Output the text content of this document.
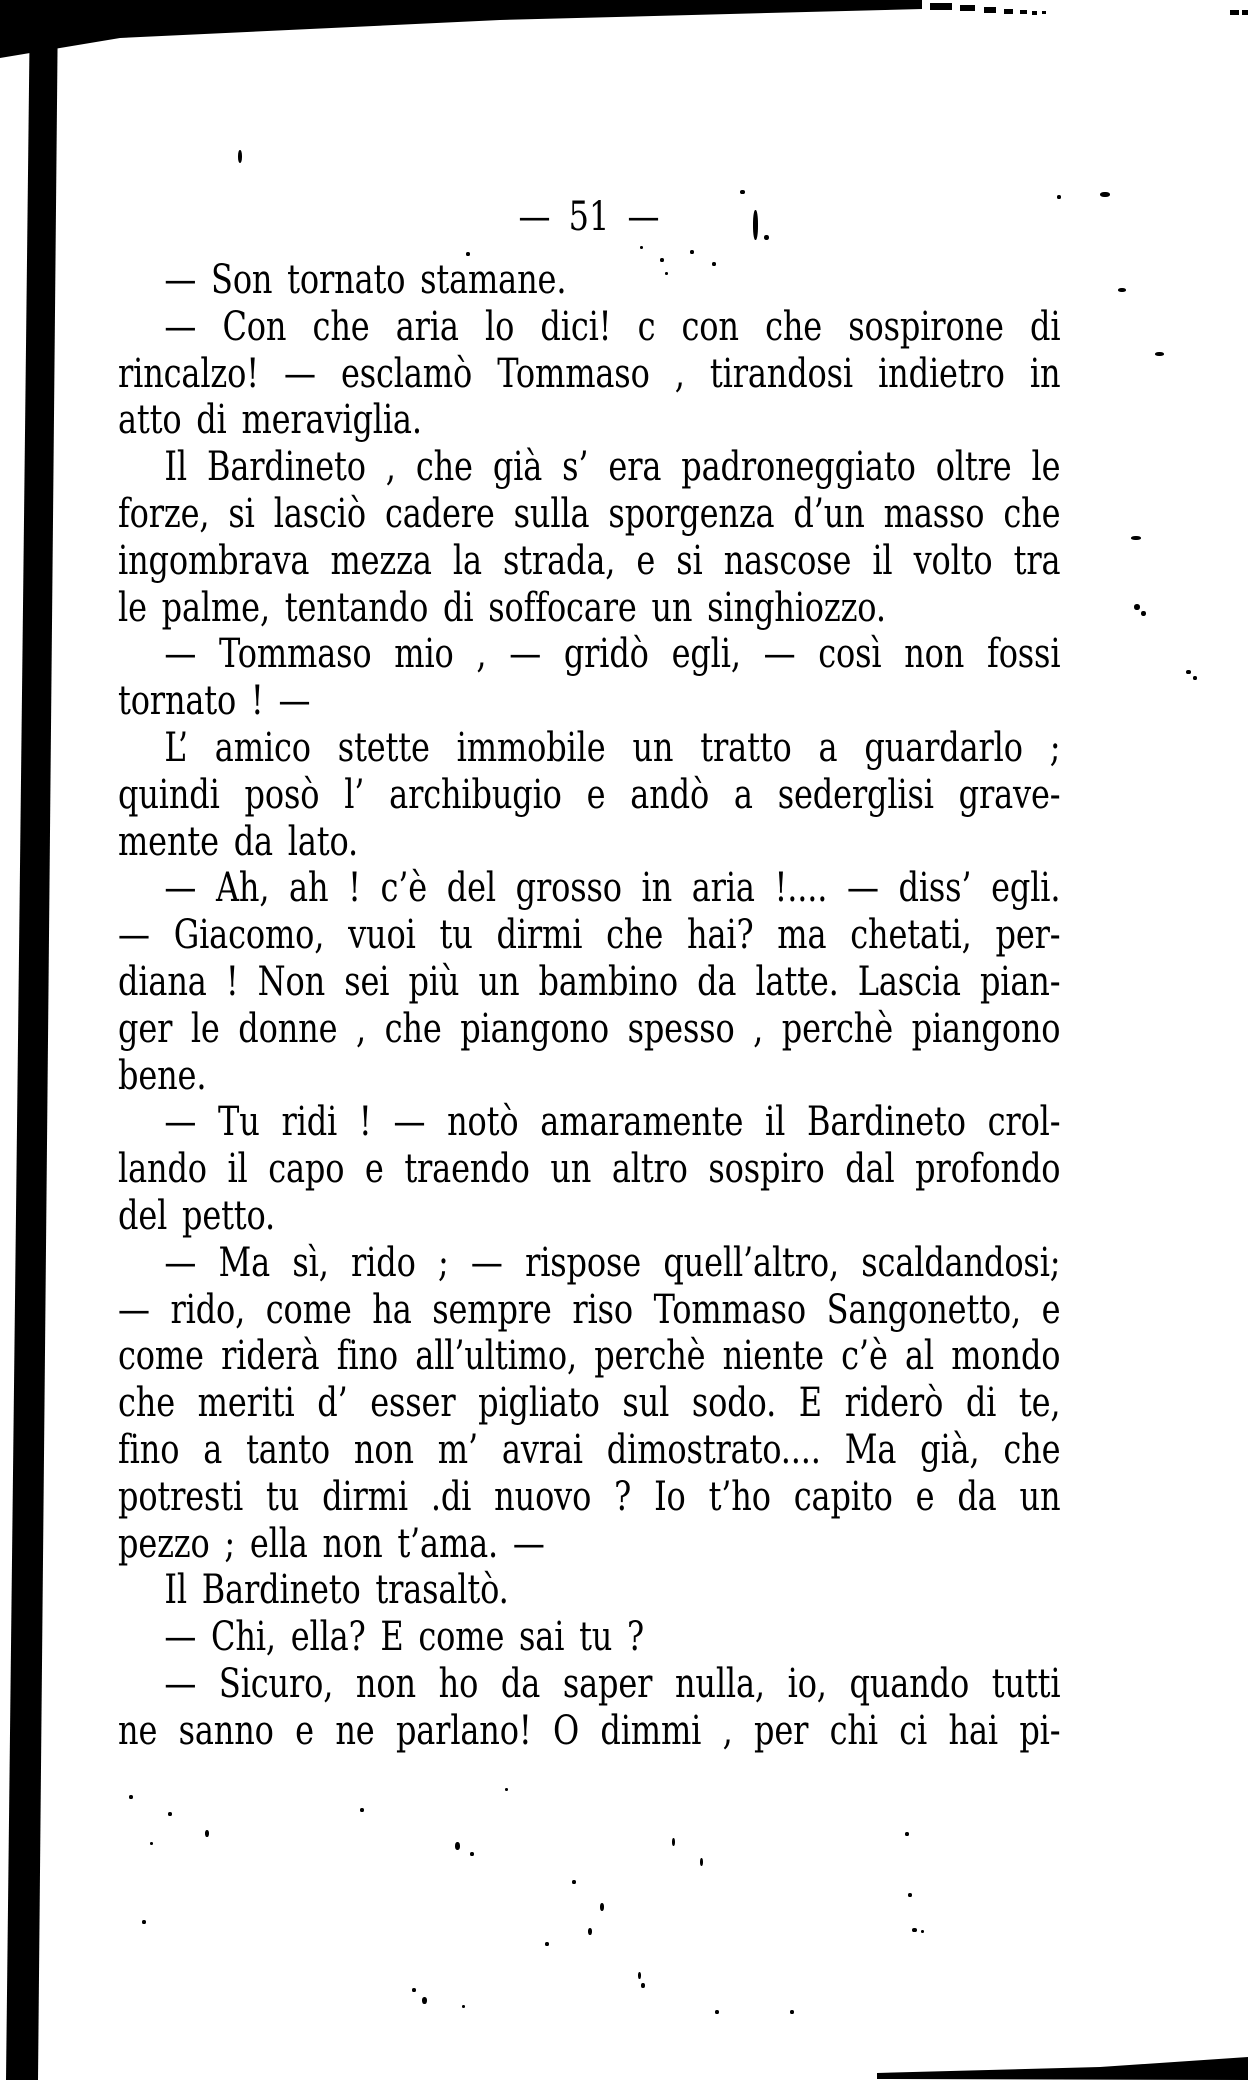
— 51 —
— Son tornato stamane.
— Con che aria lo dici! c con che sospirone di
rincalzo! — esclamò Tommaso , tirandosi indietro in
atto di meraviglia.
Il Bardineto , che già s’ era padroneggiato oltre le
forze, si lasciò cadere sulla sporgenza d’un masso che
ingombrava mezza la strada, e si nascose il volto tra
le palme, tentando di soffocare un singhiozzo.
— Tommaso mio , — gridò egli, — così non fossi
tornato ! —
L’ amico stette immobile un tratto a guardarlo ;
quindi posò l’ archibugio e andò a sederglisi grave-
mente da lato.
— Ah, ah ! c’è del grosso in aria !.... — diss’ egli.
— Giacomo, vuoi tu dirmi che hai? ma chetati, per-
diana ! Non sei più un bambino da latte. Lascia pian-
ger le donne , che piangono spesso , perchè piangono
bene.
— Tu ridi ! — notò amaramente il Bardineto crol-
lando il capo e traendo un altro sospiro dal profondo
del petto.
— Ma sì, rido ; — rispose quell’altro, scaldandosi;
— rido, come ha sempre riso Tommaso Sangonetto, e
come riderà fino all’ultimo, perchè niente c’è al mondo
che meriti d’ esser pigliato sul sodo. E riderò di te,
fino a tanto non m’ avrai dimostrato.... Ma già, che
potresti tu dirmi .di nuovo ? Io t’ho capito e da un
pezzo ; ella non t’ama. —
Il Bardineto trasaltò.
— Chi, ella? E come sai tu ?
— Sicuro, non ho da saper nulla, io, quando tutti
ne sanno e ne parlano! O dimmi , per chi ci hai pi-
